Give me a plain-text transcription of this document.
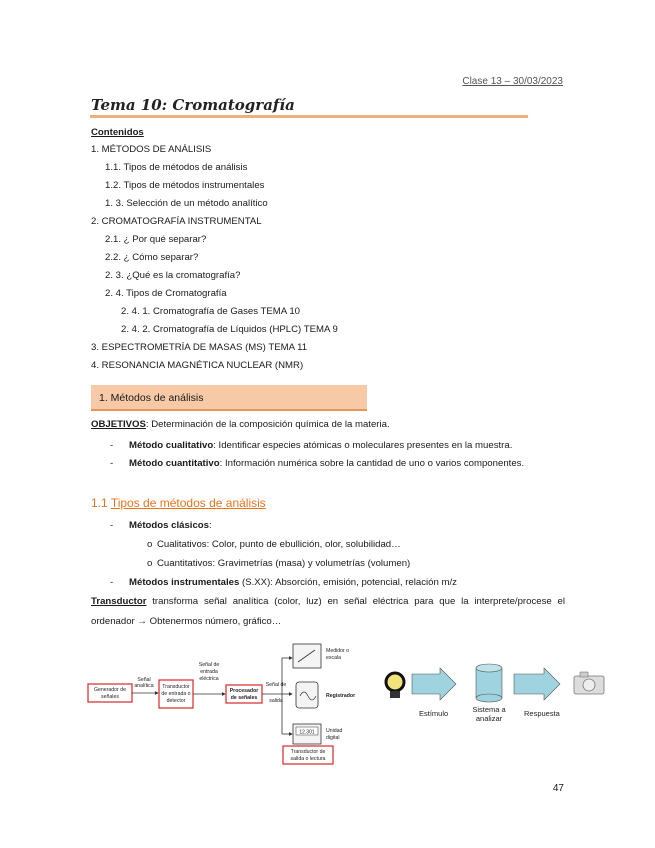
Clase 13 – 30/03/2023
Tema 10: Cromatografía
Contenidos
1. MÉTODOS DE ANÁLISIS
1.1. Tipos de métodos de análisis
1.2. Tipos de métodos instrumentales
1. 3. Selección de un método analítico
2. CROMATOGRAFÍA INSTRUMENTAL
2.1. ¿ Por qué separar?
2.2. ¿ Cómo separar?
2. 3. ¿Qué es la cromatografía?
2. 4. Tipos de Cromatografía
2. 4. 1. Cromatografía de Gases TEMA 10
2. 4. 2. Cromatografía de Líquidos (HPLC) TEMA 9
3. ESPECTROMETRÍA DE MASAS (MS) TEMA 11
4. RESONANCIA MAGNÉTICA NUCLEAR (NMR)
1. Métodos de análisis
OBJETIVOS: Determinación de la composición química de la materia.
- Método cualitativo: Identificar especies atómicas o moleculares presentes en la muestra.
- Método cuantitativo: Información numérica sobre la cantidad de uno o varios componentes.
1.1 Tipos de métodos de análisis
- Métodos clásicos:
o Cualitativos: Color, punto de ebullición, olor, solubilidad…
o Cuantitativos: Gravimetrías (masa) y volumetrías (volumen)
- Métodos instrumentales (S.XX): Absorción, emisión, potencial, relación m/z
Transductor transforma señal analítica (color, luz) en señal eléctrica para que la interprete/procese el ordenador → Obtenermos número, gráfico…
Generador de
señales
Señal
analítica Transductor
de entrada o
detector
Señal de
entrada
eléctrica
Procesador
de señales
Señal de
salida
Medidor o
escala
Registrador
12.301 Unidad
digital
Transductor de
salida o lectura
Estímulo	Sistema a
analizar
Respuesta
47
